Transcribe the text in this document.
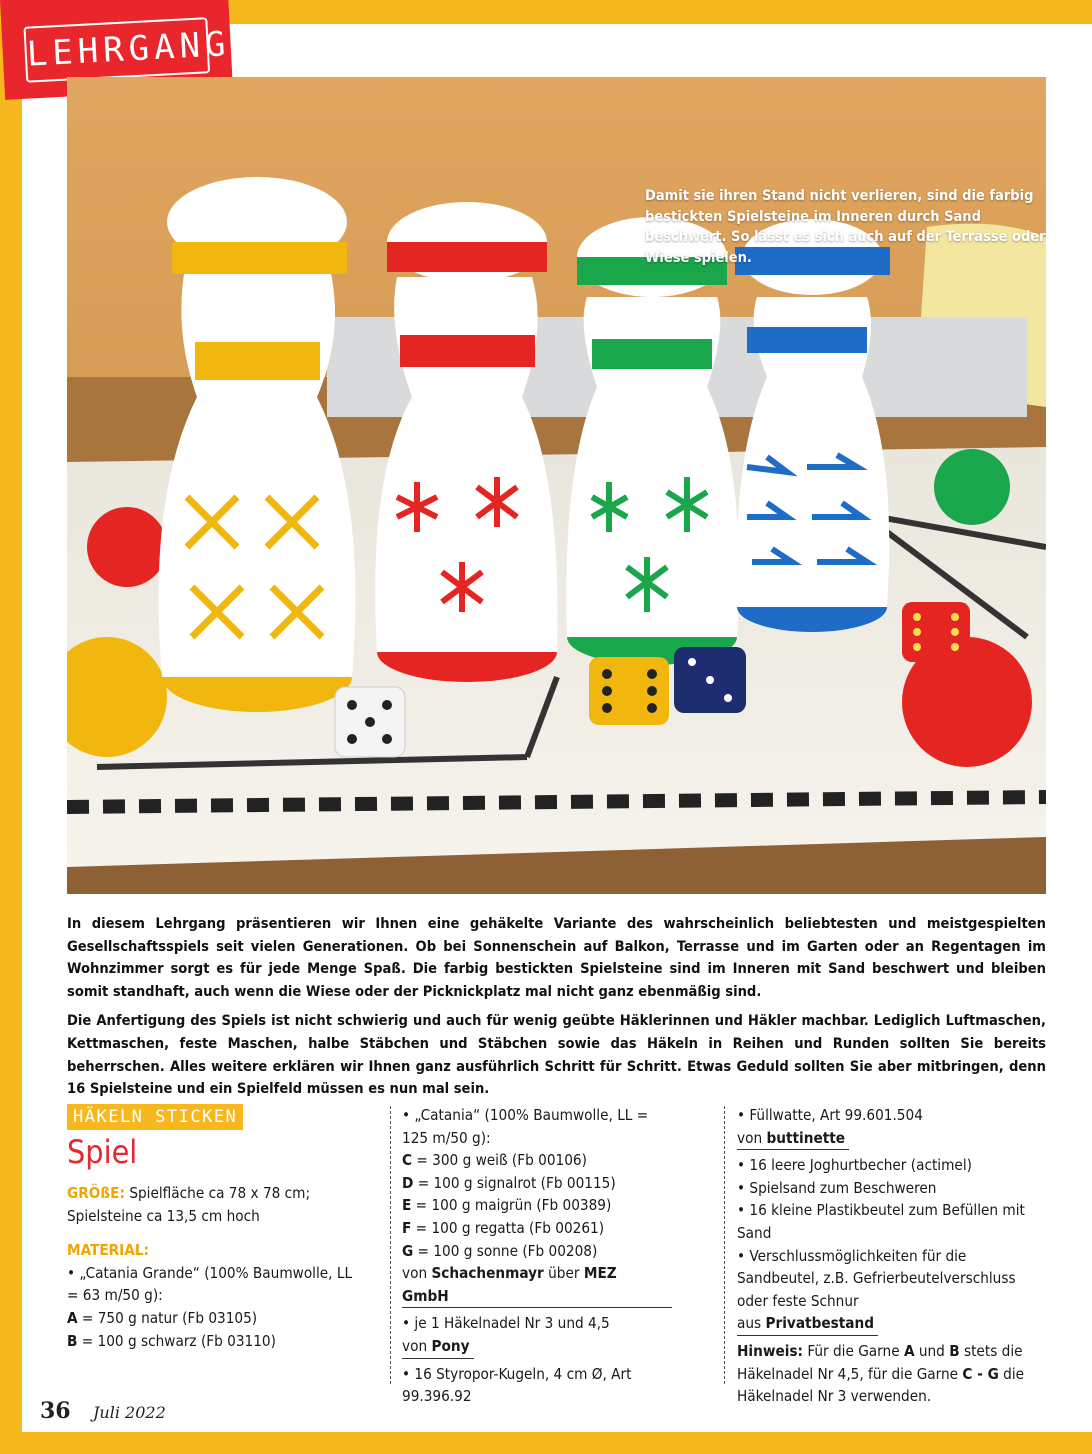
LEHRGANG
Damit sie ihren Stand nicht verlieren, sind die farbig bestickten Spielsteine im Inneren durch Sand beschwert. So lässt es sich auch auf der Terrasse oder Wiese spielen.

In diesem Lehrgang präsentieren wir Ihnen eine gehäkelte Variante des wahrscheinlich beliebtesten und meistgespielten Gesellschaftsspiels seit vielen Generationen. Ob bei Sonnenschein auf Balkon, Terrasse und im Garten oder an Regentagen im Wohnzimmer sorgt es für jede Menge Spaß. Die farbig bestickten Spielsteine sind im Inneren mit Sand beschwert und bleiben somit standhaft, auch wenn die Wiese oder der Picknickplatz mal nicht ganz ebenmäßig sind.

Die Anfertigung des Spiels ist nicht schwierig und auch für wenig geübte Häklerinnen und Häkler machbar. Lediglich Luftmaschen, Kettmaschen, feste Maschen, halbe Stäbchen und Stäbchen sowie das Häkeln in Reihen und Runden sollten Sie bereits beherrschen. Alles weitere erklären wir Ihnen ganz ausführlich Schritt für Schritt. Etwas Geduld sollten Sie aber mitbringen, denn 16 Spielsteine und ein Spielfeld müssen es nun mal sein.

HÄKELN STICKEN
Spiel
GRÖßE: Spielfläche ca 78 x 78 cm; Spielsteine ca 13,5 cm hoch
MATERIAL:
• „Catania Grande“ (100% Baumwolle, LL = 63 m/50 g):
A = 750 g natur (Fb 03105)
B = 100 g schwarz (Fb 03110)
• „Catania“ (100% Baumwolle, LL = 125 m/50 g):
C = 300 g weiß (Fb 00106)
D = 100 g signalrot (Fb 00115)
E = 100 g maigrün (Fb 00389)
F = 100 g regatta (Fb 00261)
G = 100 g sonne (Fb 00208)
von Schachenmayr über MEZ GmbH
• je 1 Häkelnadel Nr 3 und 4,5
von Pony
• 16 Styropor-Kugeln, 4 cm Ø, Art 99.396.92
• Füllwatte, Art 99.601.504
von buttinette
• 16 leere Joghurtbecher (actimel)
• Spielsand zum Beschweren
• 16 kleine Plastikbeutel zum Befüllen mit Sand
• Verschlussmöglichkeiten für die Sandbeutel, z.B. Gefrierbeutelverschluss oder feste Schnur
aus Privatbestand
Hinweis: Für die Garne A und B stets die Häkelnadel Nr 4,5, für die Garne C - G die Häkelnadel Nr 3 verwenden.
36 Juli 2022
